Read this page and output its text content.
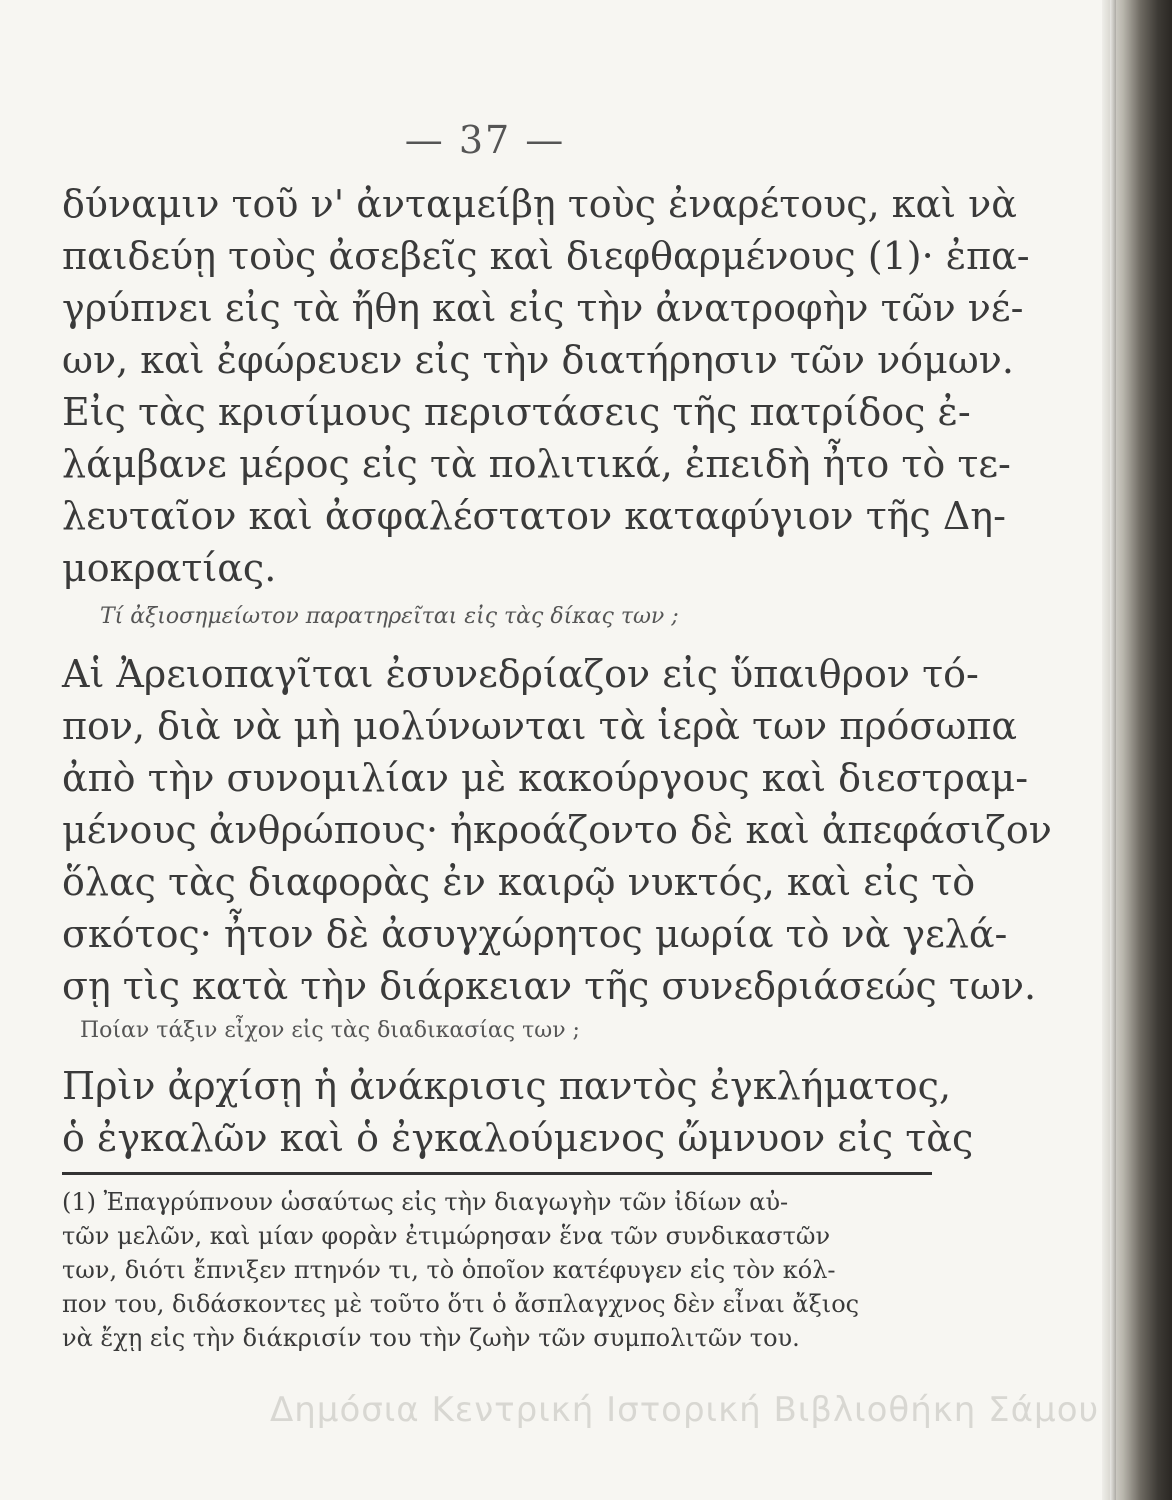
— 37 —
δύναμιν τοῦ ν' ἀνταμείβῃ τοὺς ἐναρέτους, καὶ νὰ
παιδεύῃ τοὺς ἀσεβεῖς καὶ διεφθαρμένους (1)· ἐπα-
γρύπνει εἰς τὰ ἤθη καὶ εἰς τὴν ἀνατροφὴν τῶν νέ-
ων, καὶ ἐφώρευεν εἰς τὴν διατήρησιν τῶν νόμων.
Εἰς τὰς κρισίμους περιστάσεις τῆς πατρίδος ἐ-
λάμβανε μέρος εἰς τὰ πολιτικά, ἐπειδὴ ἦτο τὸ τε-
λευταῖον καὶ ἀσφαλέστατον καταφύγιον τῆς Δη-
μοκρατίας.
Τί ἀξιοσημείωτον παρατηρεῖται εἰς τὰς δίκας των ;
Αἱ Ἀρειοπαγῖται ἐσυνεδρίαζον εἰς ὕπαιθρον τό-
πον, διὰ νὰ μὴ μολύνωνται τὰ ἱερὰ των πρόσωπα
ἀπὸ τὴν συνομιλίαν μὲ κακούργους καὶ διεστραμ-
μένους ἀνθρώπους· ἠκροάζοντο δὲ καὶ ἀπεφάσιζον
ὅλας τὰς διαφορὰς ἐν καιρῷ νυκτός, καὶ εἰς τὸ
σκότος· ἦτον δὲ ἀσυγχώρητος μωρία τὸ νὰ γελά-
σῃ τὶς κατὰ τὴν διάρκειαν τῆς συνεδριάσεώς των.
Ποίαν τάξιν εἶχον εἰς τὰς διαδικασίας των ;
Πρὶν ἀρχίσῃ ἡ ἀνάκρισις παντὸς ἐγκλήματος,
ὁ ἐγκαλῶν καὶ ὁ ἐγκαλούμενος ὤμνυον εἰς τὰς
(1) Ἐπαγρύπνουν ὡσαύτως εἰς τὴν διαγωγὴν τῶν ἰδίων αὐ-
τῶν μελῶν, καὶ μίαν φορὰν ἐτιμώρησαν ἕνα τῶν συνδικαστῶν
των, διότι ἔπνιξεν πτηνόν τι, τὸ ὁποῖον κατέφυγεν εἰς τὸν κόλ-
πον του, διδάσκοντες μὲ τοῦτο ὅτι ὁ ἄσπλαγχνος δὲν εἶναι ἄξιος
νὰ ἔχῃ εἰς τὴν διάκρισίν του τὴν ζωὴν τῶν συμπολιτῶν του.
Δημόσια Κεντρική Ιστορική Βιβλιοθήκη Σάμου
